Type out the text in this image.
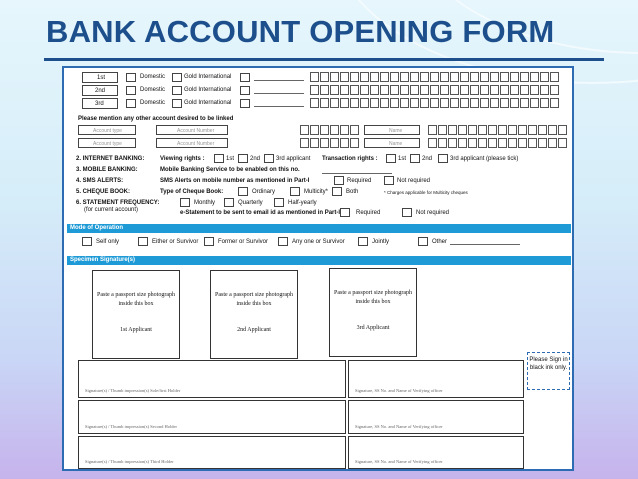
BANK ACCOUNT OPENING FORM
1st	Domestic	Gold International
2nd	Domestic	Gold International
3rd	Domestic	Gold International
Please mention any other account desired to be linked
Account type	Account Number	Name
Account type	Account Number	Name
2. INTERNET BANKING:	Viewing rights :	1st	2nd	3rd applicant Transaction rights :	1st	2nd	3rd applicant (please tick)
3. MOBILE BANKING:	Mobile Banking Service to be enabled on this no.
4. SMS ALERTS:	SMS Alerts on mobile number as mentioned in Part-I	Required	Not required
5. CHEQUE BOOK:	Type of Cheque Book:	Ordinary	Multicity*	Both	* Charges applicable for Multicity cheques
6. STATEMENT FREQUENCY:
(for current account)
Monthly	Quarterly	Half-yearly
e-Statement to be sent to email id as mentioned in Part-I	Required	Not required
Mode of Operation
Self only	Either or Survivor	Former or Survivor	Any one or Survivor	Jointly	Other
Specimen Signature(s)
Paste a passport size photograph inside this box
1st Applicant
Paste a passport size photograph inside this box
2nd Applicant
Paste a passport size photograph inside this box
3rd Applicant
Please Sign in black ink only.
Signature(s) / Thumb impression(s) Sole/first Holder	Signature, SS No. and Name of Verifying officer
Signature(s) / Thumb impression(s) Second Holder	Signature, SS No. and Name of Verifying officer
Signature(s) / Thumb impression(s) Third Holder	Signature, SS No. and Name of Verifying officer
